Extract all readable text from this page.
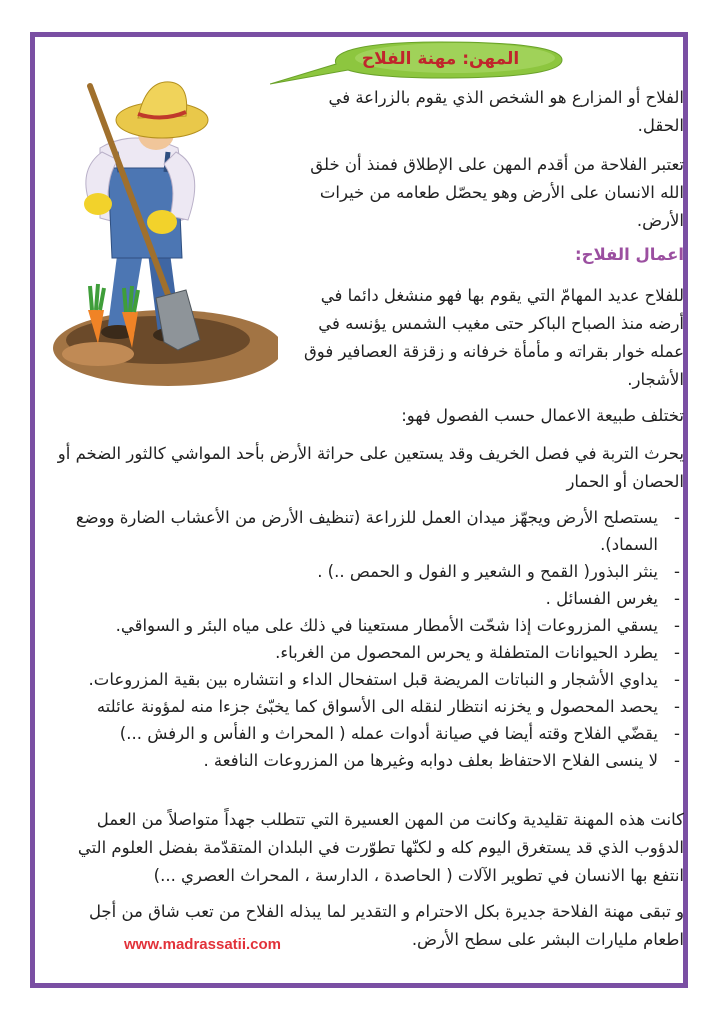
المهن: مهنة الفلاح
الفلاح أو المزارع هو الشخص الذي يقوم بالزراعة في الحقل.
تعتبر الفلاحة من أقدم المهن على الإطلاق فمنذ أن خلق الله الانسان على الأرض وهو يحصّل طعامه من خيرات الأرض.
اعمال الفلاح:
للفلاح عديد المهامّ التي يقوم بها فهو منشغل دائما في أرضه منذ الصباح الباكر حتى مغيب الشمس يؤنسه في عمله خوار بقراته و مأمأة خرفانه و زقزقة العصافير فوق الأشجار.
تختلف طبيعة الاعمال حسب الفصول فهو:
يحرث التربة في فصل الخريف وقد يستعين على حراثة الأرض بأحد المواشي كالثور الضخم أو الحصان أو الحمار
- يستصلح الأرض ويجهّز ميدان العمل للزراعة (تنظيف الأرض من الأعشاب الضارة ووضع السماد).
- ينثر البذور( القمح و الشعير و الفول و الحمص ..) .
- يغرس الفسائل .
- يسقي المزروعات إذا شحّت الأمطار مستعينا في ذلك على مياه البئر و السواقي.
- يطرد الحيوانات المتطفلة و يحرس المحصول من الغرباء.
- يداوي الأشجار و النباتات المريضة قبل استفحال الداء و انتشاره بين بقية المزروعات.
- يحصد المحصول و يخزنه انتظار لنقله الى الأسواق كما يخبّئ جزءا منه لمؤونة عائلته
- يقضّي الفلاح وقته أيضا في صيانة أدوات عمله ( المحراث و الفأس و الرفش ...)
- لا ينسى الفلاح الاحتفاظ بعلف دوابه وغيرها من المزروعات النافعة .
كانت هذه المهنة تقليدية وكانت من المهن العسيرة التي تتطلب جهداً متواصلاً من العمل الدؤوب الذي قد يستغرق اليوم كله و لكنّها تطوّرت في البلدان المتقدّمة بفضل العلوم التي انتفع بها الانسان في تطوير الآلات ( الحاصدة ، الدارسة ، المحراث العصري ...)
و تبقى مهنة الفلاحة جديرة بكل الاحترام و التقدير لما يبذله الفلاح من تعب شاق من أجل اطعام مليارات البشر على سطح الأرض.
www.madrassatii.com
